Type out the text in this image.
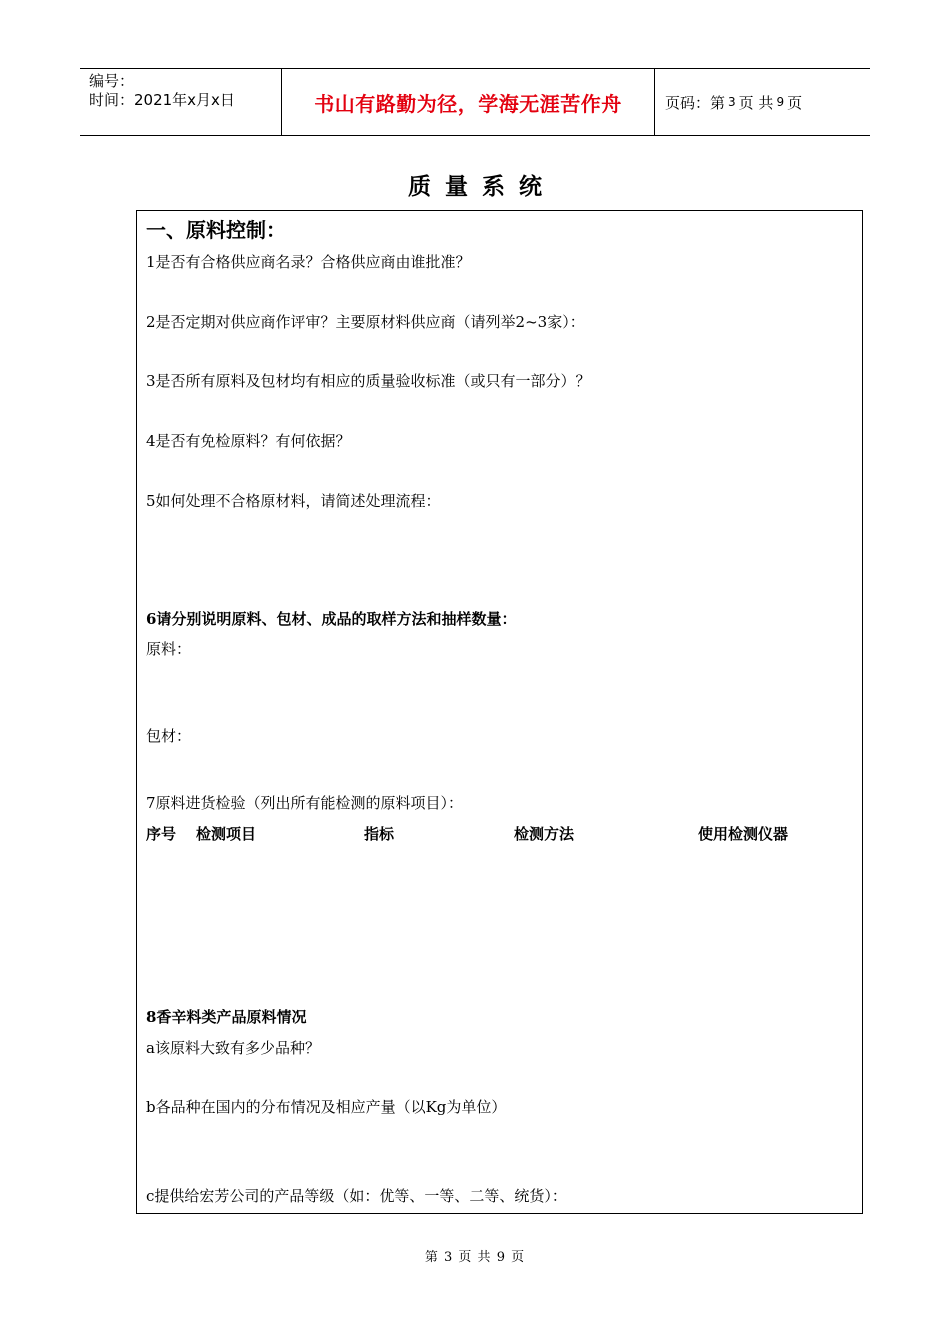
编号：
时间：2021年x月x日	书山有路勤为径，学海无涯苦作舟	页码：第 3 页 共 9 页
质量系统
一、原料控制：
1是否有合格供应商名录？合格供应商由谁批准？
2是否定期对供应商作评审？主要原材料供应商（请列举2~3家）：
3是否所有原料及包材均有相应的质量验收标准（或只有一部分）？
4是否有免检原料？有何依据？
5如何处理不合格原材料，请简述处理流程：
6请分别说明原料、包材、成品的取样方法和抽样数量：
原料：
包材：
7原料进货检验（列出所有能检测的原料项目）：
序号 检测项目	指标	检测方法	使用检测仪器
8香辛料类产品原料情况
a该原料大致有多少品种？
b各品种在国内的分布情况及相应产量（以Kg为单位）
c提供给宏芳公司的产品等级（如：优等、一等、二等、统货）：
第 3 页 共 9 页
